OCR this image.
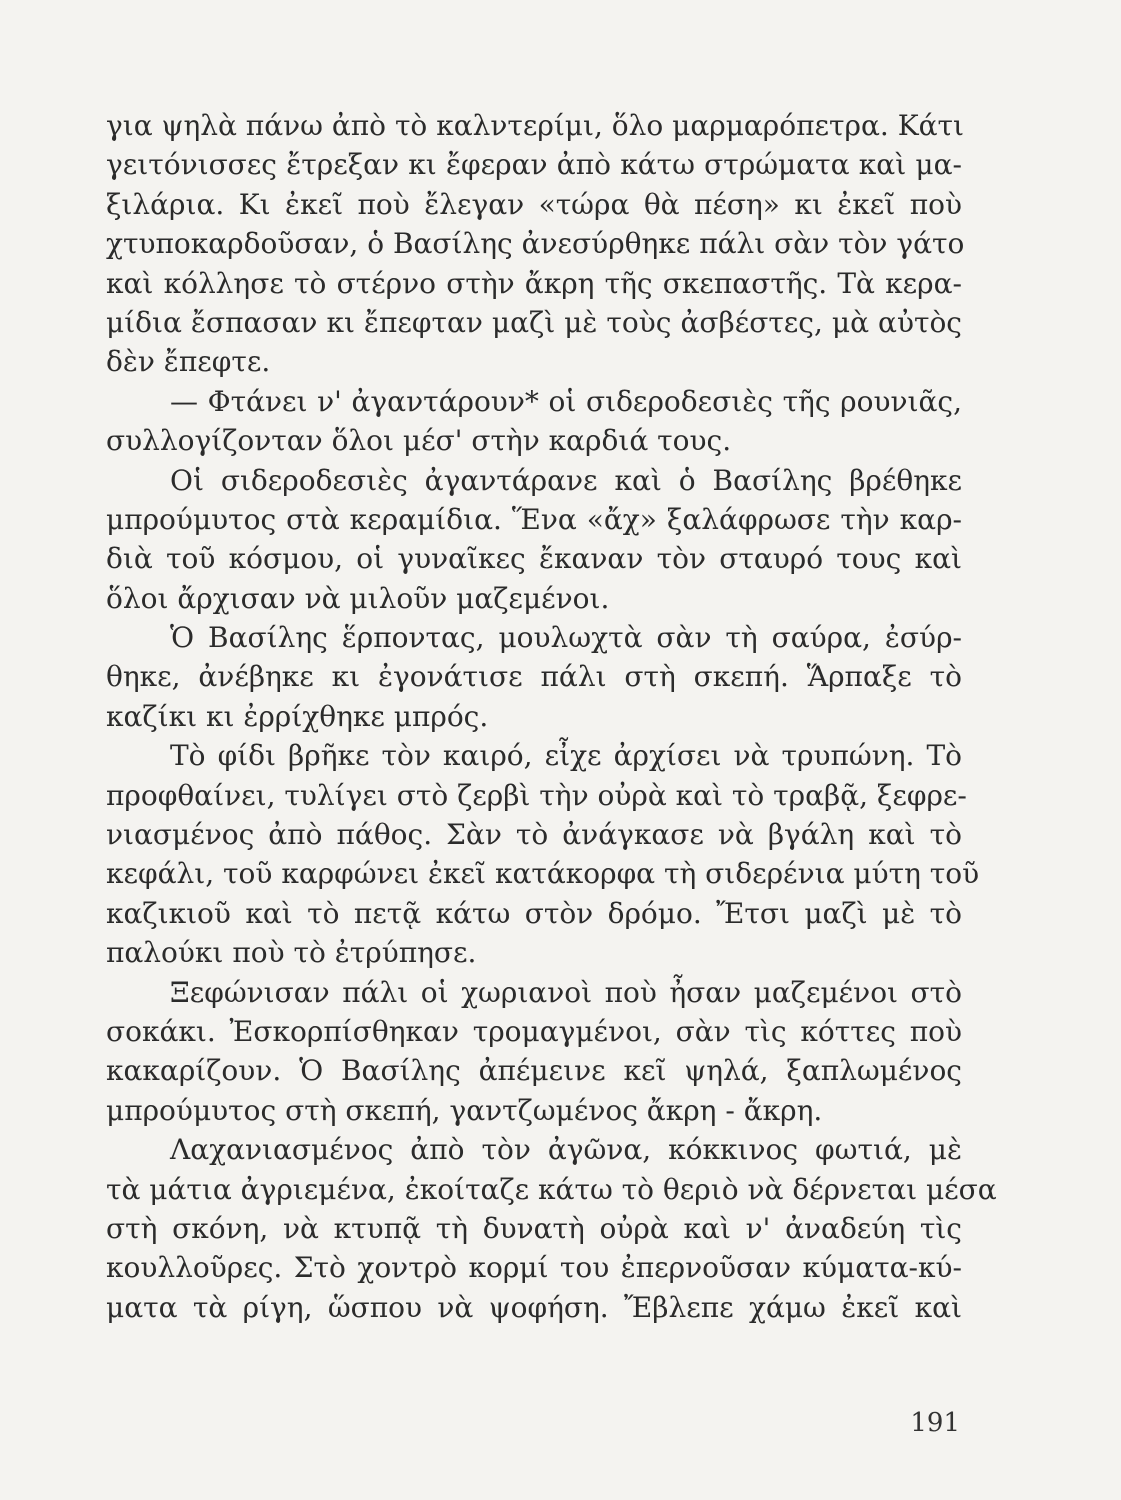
για ψηλὰ πάνω ἀπὸ τὸ καλντερίμι, ὅλο μαρμαρόπετρα. Κάτι
γειτόνισσες ἔτρεξαν κι ἔφεραν ἀπὸ κάτω στρώματα καὶ μα-
ξιλάρια. Κι ἐκεῖ ποὺ ἔλεγαν «τώρα θὰ πέση» κι ἐκεῖ ποὺ
χτυποκαρδοῦσαν, ὁ Βασίλης ἀνεσύρθηκε πάλι σὰν τὸν γάτο
καὶ κόλλησε τὸ στέρνο στὴν ἄκρη τῆς σκεπαστῆς. Τὰ κερα-
μίδια ἔσπασαν κι ἔπεφταν μαζὶ μὲ τοὺς ἀσβέστες, μὰ αὐτὸς
δὲν ἔπεφτε.
— Φτάνει ν' ἀγαντάρουν* οἱ σιδεροδεσιὲς τῆς ρουνιᾶς,
συλλογίζονταν ὅλοι μέσ' στὴν καρδιά τους.
Οἱ σιδεροδεσιὲς ἀγαντάρανε καὶ ὁ Βασίλης βρέθηκε
μπρούμυτος στὰ κεραμίδια. Ἕνα «ἄχ» ξαλάφρωσε τὴν καρ-
διὰ τοῦ κόσμου, οἱ γυναῖκες ἔκαναν τὸν σταυρό τους καὶ
ὅλοι ἄρχισαν νὰ μιλοῦν μαζεμένοι.
Ὁ Βασίλης ἕρποντας, μουλωχτὰ σὰν τὴ σαύρα, ἐσύρ-
θηκε, ἀνέβηκε κι ἐγονάτισε πάλι στὴ σκεπή. Ἅρπαξε τὸ
καζίκι κι ἐρρίχθηκε μπρός.
Τὸ φίδι βρῆκε τὸν καιρό, εἶχε ἀρχίσει νὰ τρυπώνη. Τὸ
προφθαίνει, τυλίγει στὸ ζερβὶ τὴν οὐρὰ καὶ τὸ τραβᾷ, ξεφρε-
νιασμένος ἀπὸ πάθος. Σὰν τὸ ἀνάγκασε νὰ βγάλη καὶ τὸ
κεφάλι, τοῦ καρφώνει ἐκεῖ κατάκορφα τὴ σιδερένια μύτη τοῦ
καζικιοῦ καὶ τὸ πετᾷ κάτω στὸν δρόμο. Ἔτσι μαζὶ μὲ τὸ
παλούκι ποὺ τὸ ἐτρύπησε.
Ξεφώνισαν πάλι οἱ χωριανοὶ ποὺ ἦσαν μαζεμένοι στὸ
σοκάκι. Ἐσκορπίσθηκαν τρομαγμένοι, σὰν τὶς κόττες ποὺ
κακαρίζουν. Ὁ Βασίλης ἀπέμεινε κεῖ ψηλά, ξαπλωμένος
μπρούμυτος στὴ σκεπή, γαντζωμένος ἄκρη - ἄκρη.
Λαχανιασμένος ἀπὸ τὸν ἀγῶνα, κόκκινος φωτιά, μὲ
τὰ μάτια ἀγριεμένα, ἐκοίταζε κάτω τὸ θεριὸ νὰ δέρνεται μέσα
στὴ σκόνη, νὰ κτυπᾷ τὴ δυνατὴ οὐρὰ καὶ ν' ἀναδεύη τὶς
κουλλοῦρες. Στὸ χοντρὸ κορμί του ἐπερνοῦσαν κύματα-κύ-
ματα τὰ ρίγη, ὥσπου νὰ ψοφήση. Ἔβλεπε χάμω ἐκεῖ καὶ
191
